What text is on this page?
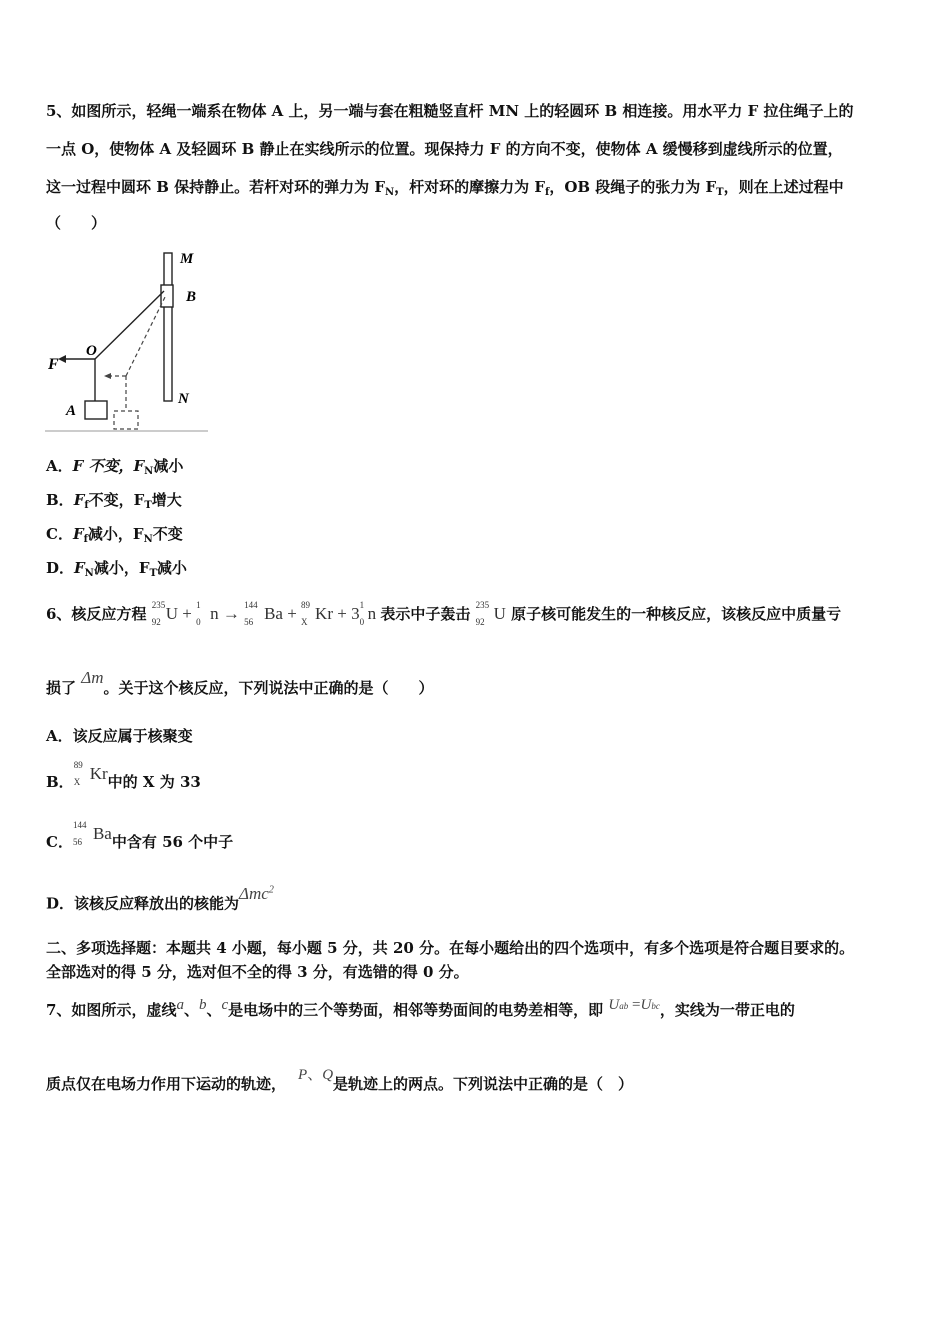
5、如图所示，轻绳一端系在物体 A 上，另一端与套在粗糙竖直杆 MN 上的轻圆环 B 相连接。用水平力 F 拉住绳子上的
一点 O，使物体 A 及轻圆环 B 静止在实线所示的位置。现保持力 F 的方向不变，使物体 A 缓慢移到虚线所示的位置，
这一过程中圆环 B 保持静止。若杆对环的弹力为 $F_N$，杆对环的摩擦力为 $F_f$，OB 段绳子的张力为 $F_T$，则在上述过程中
（　　）
M
B
O
F
A
N
A．F 不变，$F_N$减小
B．$F_f$不变，$F_T$增大
C．$F_f$减小，$F_N$不变
D．$F_N$减小，$F_T$减小
6、核反应方程 235
92 U + 1
0 n → 144
56 Ba + 89
X Kr + 3 1
0 n 表示中子轰击 235
92 U 原子核可能发生的一种核反应，该核反应中质量亏
损了 Δm。关于这个核反应，下列说法中正确的是（　　）
A．该反应属于核聚变
B．
89
X Kr中的 X 为 33
C．
144
56 Ba中含有 56 个中子
D．该核反应释放出的核能为Δmc$^2$
二、多项选择题：本题共 4 小题，每小题 5 分，共 20 分。在每小题给出的四个选项中，有多个选项是符合题目要求的。
全部选对的得 5 分，选对但不全的得 3 分，有选错的得 0 分。
7、如图所示，虚线a、b、c是电场中的三个等势面，相邻等势面间的电势差相等，即 Uab =Ubc，实线为一带正电的
质点仅在电场力作用下运动的轨迹， P、Q是轨迹上的两点。下列说法中正确的是（　）
